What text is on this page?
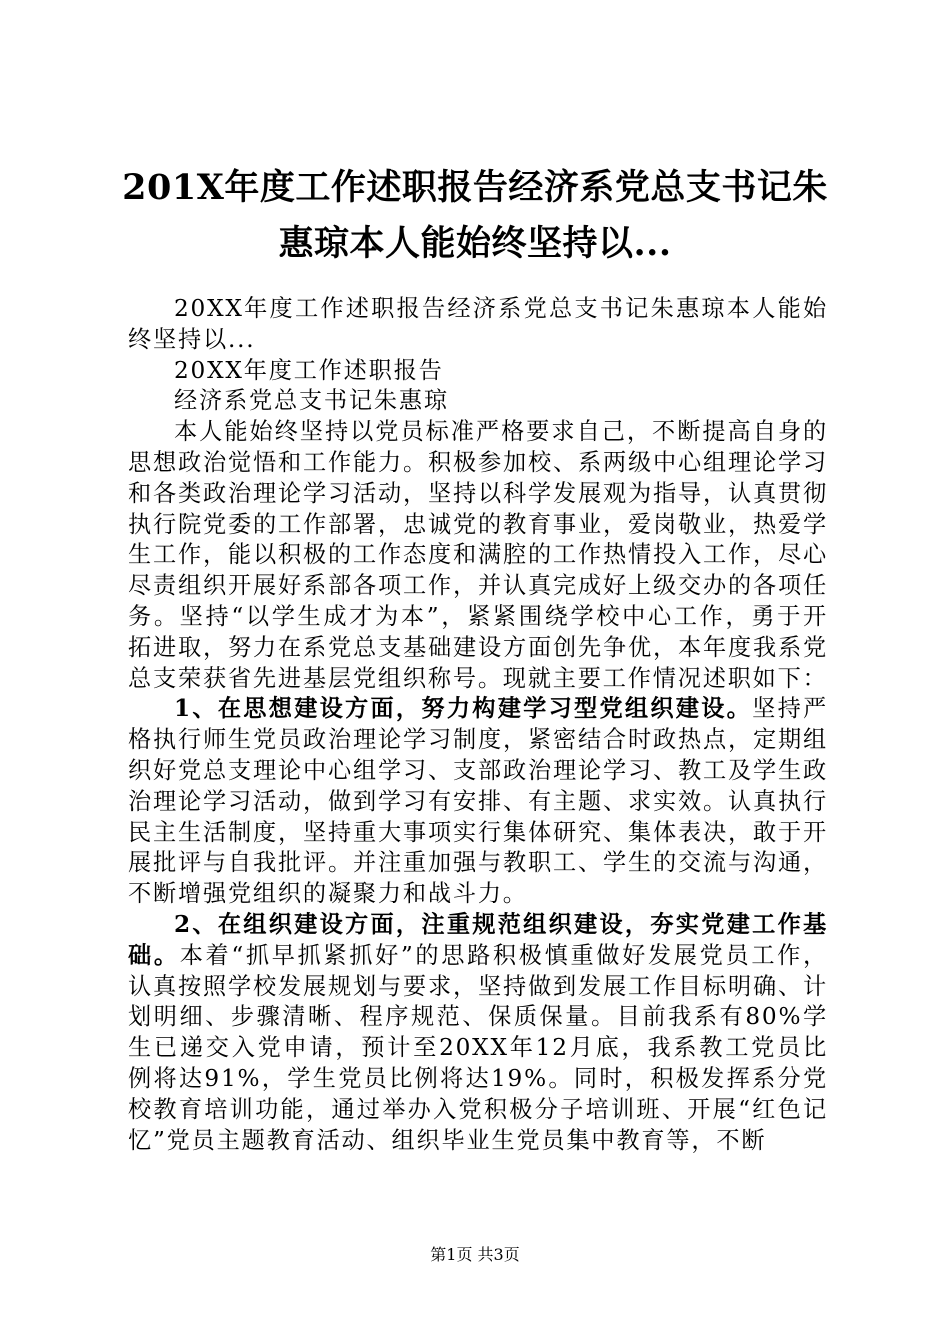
201X年度工作述职报告经济系党总支书记朱
惠琼本人能始终坚持以...

20XX年度工作述职报告经济系党总支书记朱惠琼本人能始终坚持以...

20XX年度工作述职报告

经济系党总支书记朱惠琼

本人能始终坚持以党员标准严格要求自己，不断提高自身的思想政治觉悟和工作能力。积极参加校、系两级中心组理论学习和各类政治理论学习活动，坚持以科学发展观为指导，认真贯彻执行院党委的工作部署，忠诚党的教育事业，爱岗敬业，热爱学生工作，能以积极的工作态度和满腔的工作热情投入工作，尽心尽责组织开展好系部各项工作，并认真完成好上级交办的各项任务。坚持“以学生成才为本”，紧紧围绕学校中心工作，勇于开拓进取，努力在系党总支基础建设方面创先争优，本年度我系党总支荣获省先进基层党组织称号。现就主要工作情况述职如下：

1、在思想建设方面，努力构建学习型党组织建设。坚持严格执行师生党员政治理论学习制度，紧密结合时政热点，定期组织好党总支理论中心组学习、支部政治理论学习、教工及学生政治理论学习活动，做到学习有安排、有主题、求实效。认真执行民主生活制度，坚持重大事项实行集体研究、集体表决，敢于开展批评与自我批评。并注重加强与教职工、学生的交流与沟通，不断增强党组织的凝聚力和战斗力。

2、在组织建设方面，注重规范组织建设，夯实党建工作基础。本着“抓早抓紧抓好”的思路积极慎重做好发展党员工作，认真按照学校发展规划与要求，坚持做到发展工作目标明确、计划明细、步骤清晰、程序规范、保质保量。目前我系有80%学生已递交入党申请，预计至20XX年12月底，我系教工党员比例将达91%，学生党员比例将达19%。同时，积极发挥系分党校教育培训功能，通过举办入党积极分子培训班、开展“红色记忆”党员主题教育活动、组织毕业生党员集中教育等，不断

第1页 共3页
